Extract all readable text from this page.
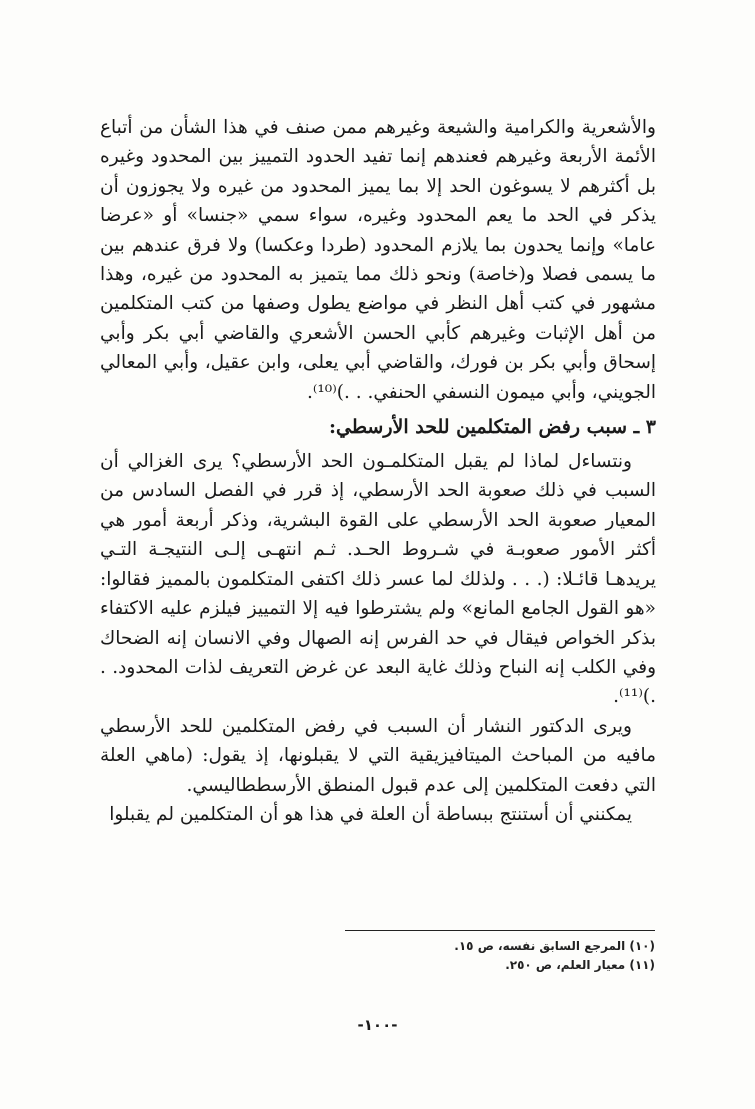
والأشعرية والكرامية والشيعة وغيرهم ممن صنف في هذا الشأن من أتباع الأئمة الأربعة وغيرهم فعندهم إنما تفيد الحدود التمييز بين المحدود وغيره بل أكثرهم لا يسوغون الحد إلا بما يميز المحدود من غيره ولا يجوزون أن يذكر في الحد ما يعم المحدود وغيره، سواء سمي «جنسا» أو «عرضا عاما» وإنما يحدون بما يلازم المحدود (طردا وعكسا) ولا فرق عندهم بين ما يسمى فصلا و(خاصة) ونحو ذلك مما يتميز به المحدود من غيره، وهذا مشهور في كتب أهل النظر في مواضع يطول وصفها من كتب المتكلمين من أهل الإثبات وغيرهم كأبي الحسن الأشعري والقاضي أبي بكر وأبي إسحاق وأبي بكر بن فورك، والقاضي أبي يعلى، وابن عقيل، وأبي المعالي الجويني، وأبي ميمون النسفي الحنفي. . .)⁽¹⁰⁾.

٣ ـ سبب رفض المتكلمين للحد الأرسطي:

ونتساءل لماذا لم يقبل المتكلمـون الحد الأرسطي؟ يرى الغزالي أن السبب في ذلك صعوبة الحد الأرسطي، إذ قرر في الفصل السادس من المعيار صعوبة الحد الأرسطي على القوة البشرية، وذكر أربعة أمور هي أكثر الأمور صعوبـة في شـروط الحـد. ثـم انتهـى إلـى النتيجـة التـي يريدهـا قائـلا: (. . . ولذلك لما عسر ذلك اكتفى المتكلمون بالمميز فقالوا: «هو القول الجامع المانع» ولم يشترطوا فيه إلا التمييز فيلزم عليه الاكتفاء بذكر الخواص فيقال في حد الفرس إنه الصهال وفي الانسان إنه الضحاك وفي الكلب إنه النباح وذلك غاية البعد عن غرض التعريف لذات المحدود. . .)⁽¹¹⁾.

ويرى الدكتور النشار أن السبب في رفض المتكلمين للحد الأرسطي مافيه من المباحث الميتافيزيقية التي لا يقبلونها، إذ يقول: (ماهي العلة التي دفعت المتكلمين إلى عدم قبول المنطق الأرسططاليسي.

يمكنني أن أستنتج ببساطة أن العلة في هذا هو أن المتكلمين لم يقبلوا

(١٠) المرجع السابق نفسه، ص ١٥.

(١١) معيار العلم، ص ٢٥٠.

-١٠٠-
